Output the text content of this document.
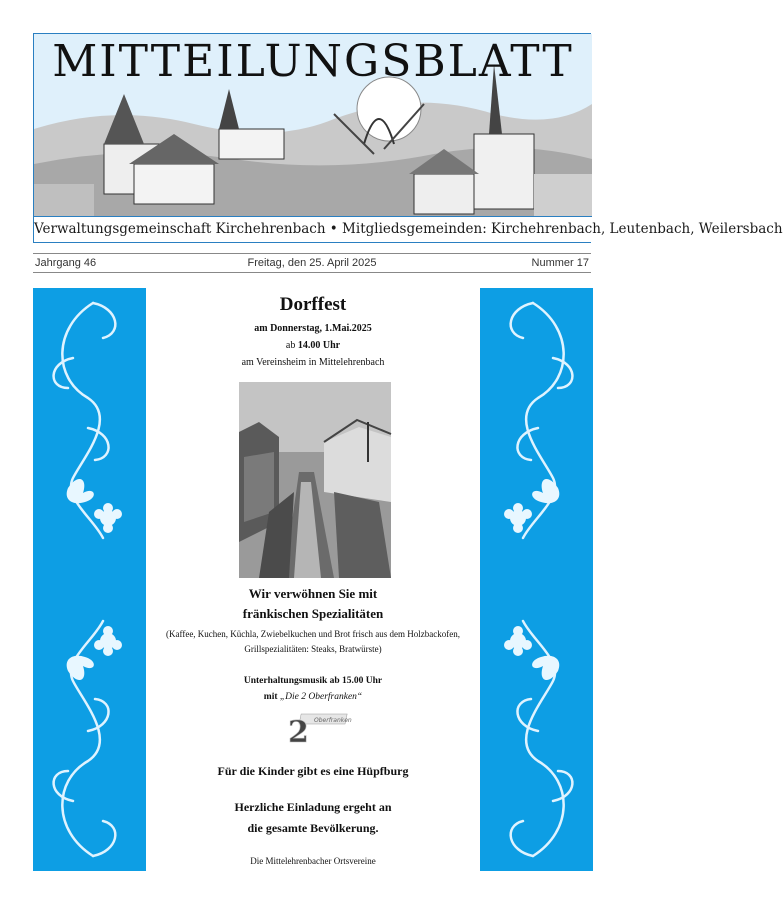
MITTEILUNGSBLATT
Verwaltungsgemeinschaft Kirchehrenbach • Mitgliedsgemeinden: Kirchehrenbach, Leutenbach, Weilersbach
Jahrgang 46	Freitag, den 25. April 2025	Nummer 17
Dorffest
am Donnerstag, 1.Mai.2025
ab 14.00 Uhr
am Vereinsheim in Mittelehrenbach
Wir verwöhnen Sie mit
fränkischen Spezialitäten
(Kaffee, Kuchen, Küchla, Zwiebelkuchen und Brot frisch aus dem Holzbackofen,
Grillspezialitäten: Steaks, Bratwürste)
Unterhaltungsmusik ab 15.00 Uhr
mit „Die 2 Oberfranken“
Oberfranken
2
Für die Kinder gibt es eine Hüpfburg
Herzliche Einladung ergeht an
die gesamte Bevölkerung.
Die Mittelehrenbacher Ortsvereine
